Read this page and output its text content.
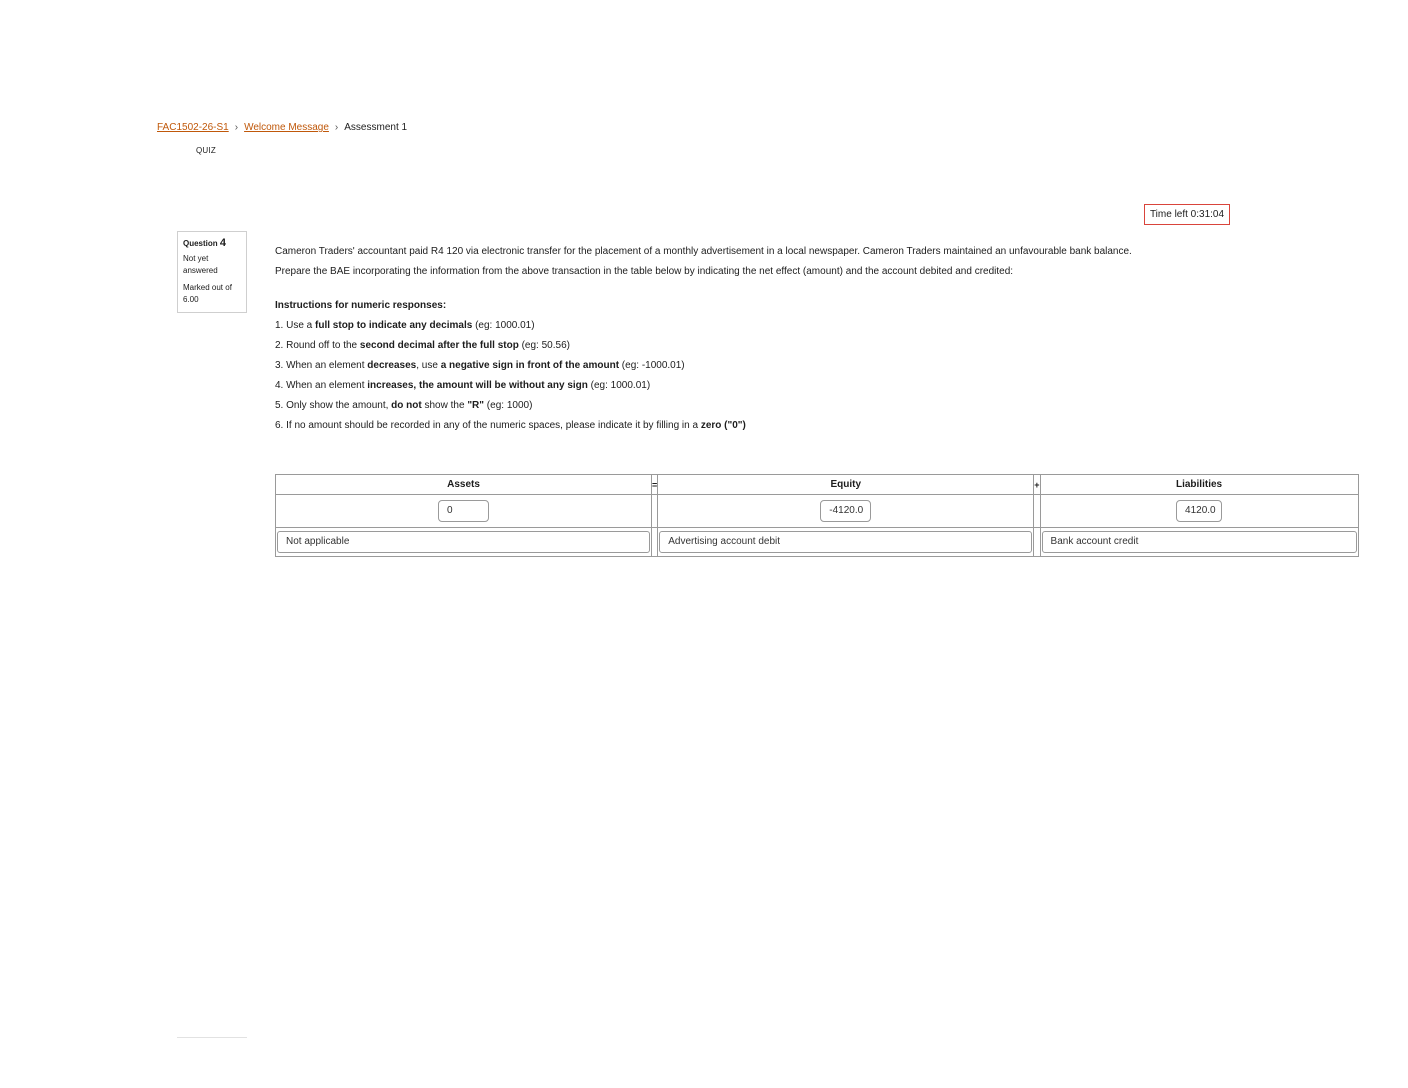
FAC1502-26-S1 › Welcome Message › Assessment 1
QUIZ
Time left 0:31:04
Question 4
Not yet answered
Marked out of 6.00

Cameron Traders' accountant paid R4 120 via electronic transfer for the placement of a monthly advertisement in a local newspaper. Cameron Traders maintained an unfavourable bank balance.

Prepare the BAE incorporating the information from the above transaction in the table below by indicating the net effect (amount) and the account debited and credited:

Instructions for numeric responses:

1. Use a full stop to indicate any decimals (eg: 1000.01)

2. Round off to the second decimal after the full stop (eg: 50.56)

3. When an element decreases, use a negative sign in front of the amount (eg: -1000.01)

4. When an element increases, the amount will be without any sign (eg: 1000.01)

5. Only show the amount, do not show the "R" (eg: 1000)

6. If no amount should be recorded in any of the numeric spaces, please indicate it by filling in a zero ("0")

Assets	=	Equity	+	Liabilities
0		-4120.0		4120.0

Not applicable		Advertising account debit		Bank account credit
